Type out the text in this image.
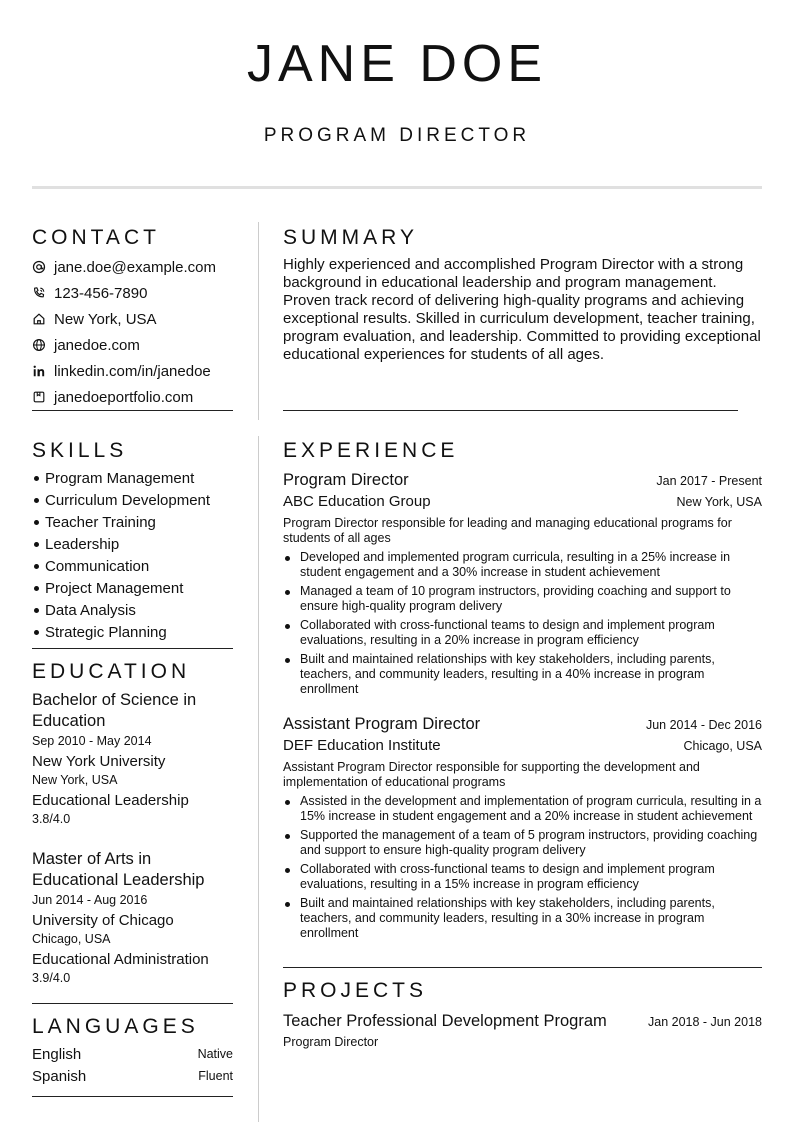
JANE DOE
PROGRAM DIRECTOR
CONTACT
jane.doe@example.com
123-456-7890
New York, USA
janedoe.com
linkedin.com/in/janedoe
janedoeportfolio.com
SUMMARY
Highly experienced and accomplished Program Director with a strong background in educational leadership and program management. Proven track record of delivering high-quality programs and achieving exceptional results. Skilled in curriculum development, teacher training, program evaluation, and leadership. Committed to providing exceptional educational experiences for students of all ages.
SKILLS
Program Management
Curriculum Development
Teacher Training
Leadership
Communication
Project Management
Data Analysis
Strategic Planning
EDUCATION
Bachelor of Science in Education
Sep 2010 - May 2014
New York University
New York, USA
Educational Leadership
3.8/4.0
Master of Arts in Educational Leadership
Jun 2014 - Aug 2016
University of Chicago
Chicago, USA
Educational Administration
3.9/4.0
LANGUAGES
English	Native
Spanish	Fluent
EXPERIENCE
Program Director	Jan 2017 - Present
ABC Education Group	New York, USA
Program Director responsible for leading and managing educational programs for students of all ages
Developed and implemented program curricula, resulting in a 25% increase in student engagement and a 30% increase in student achievement
Managed a team of 10 program instructors, providing coaching and support to ensure high-quality program delivery
Collaborated with cross-functional teams to design and implement program evaluations, resulting in a 20% increase in program efficiency
Built and maintained relationships with key stakeholders, including parents, teachers, and community leaders, resulting in a 40% increase in program enrollment
Assistant Program Director	Jun 2014 - Dec 2016
DEF Education Institute	Chicago, USA
Assistant Program Director responsible for supporting the development and implementation of educational programs
Assisted in the development and implementation of program curricula, resulting in a 15% increase in student engagement and a 20% increase in student achievement
Supported the management of a team of 5 program instructors, providing coaching and support to ensure high-quality program delivery
Collaborated with cross-functional teams to design and implement program evaluations, resulting in a 15% increase in program efficiency
Built and maintained relationships with key stakeholders, including parents, teachers, and community leaders, resulting in a 30% increase in program enrollment
PROJECTS
Teacher Professional Development Program	Jan 2018 - Jun 2018
Program Director
